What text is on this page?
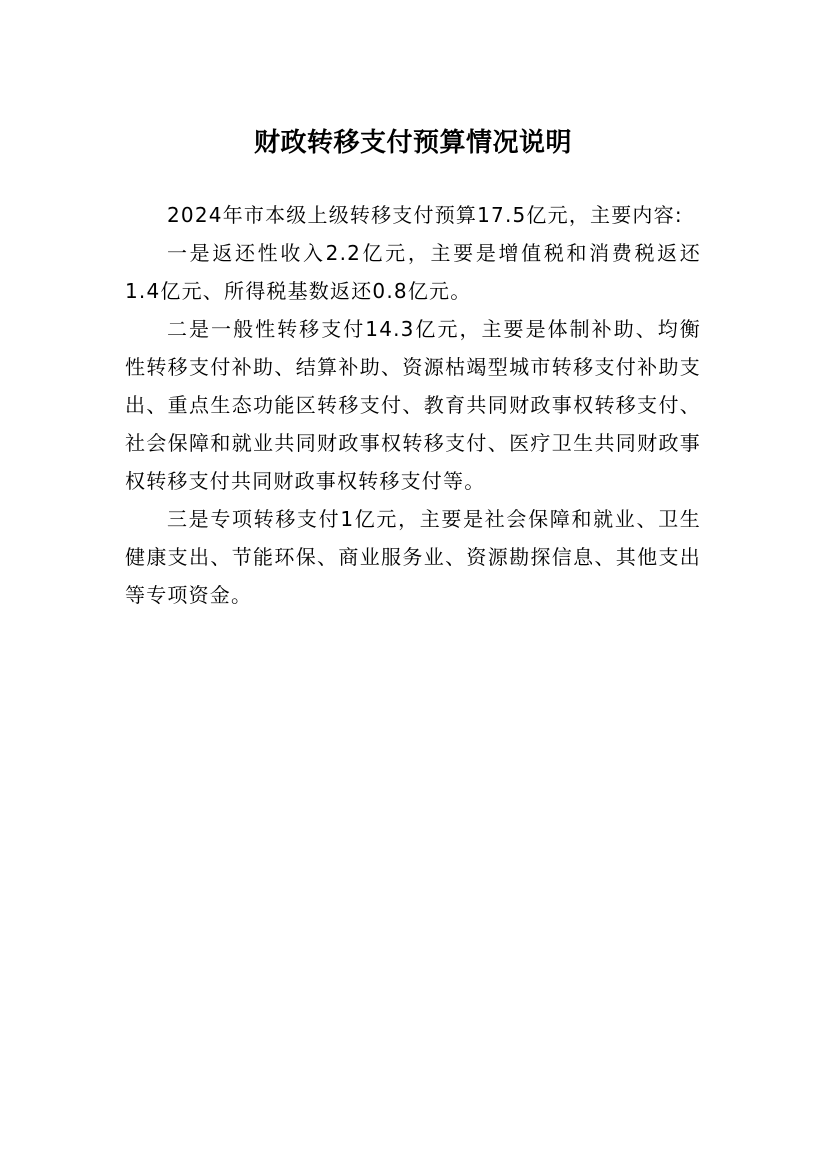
财政转移支付预算情况说明

2024年市本级上级转移支付预算17.5亿元，主要内容:

一是返还性收入2.2亿元，主要是增值税和消费税返还1.4亿元、所得税基数返还0.8亿元。

二是一般性转移支付14.3亿元，主要是体制补助、均衡性转移支付补助、结算补助、资源枯竭型城市转移支付补助支出、重点生态功能区转移支付、教育共同财政事权转移支付、社会保障和就业共同财政事权转移支付、医疗卫生共同财政事权转移支付共同财政事权转移支付等。

三是专项转移支付1亿元，主要是社会保障和就业、卫生健康支出、节能环保、商业服务业、资源勘探信息、其他支出等专项资金。
